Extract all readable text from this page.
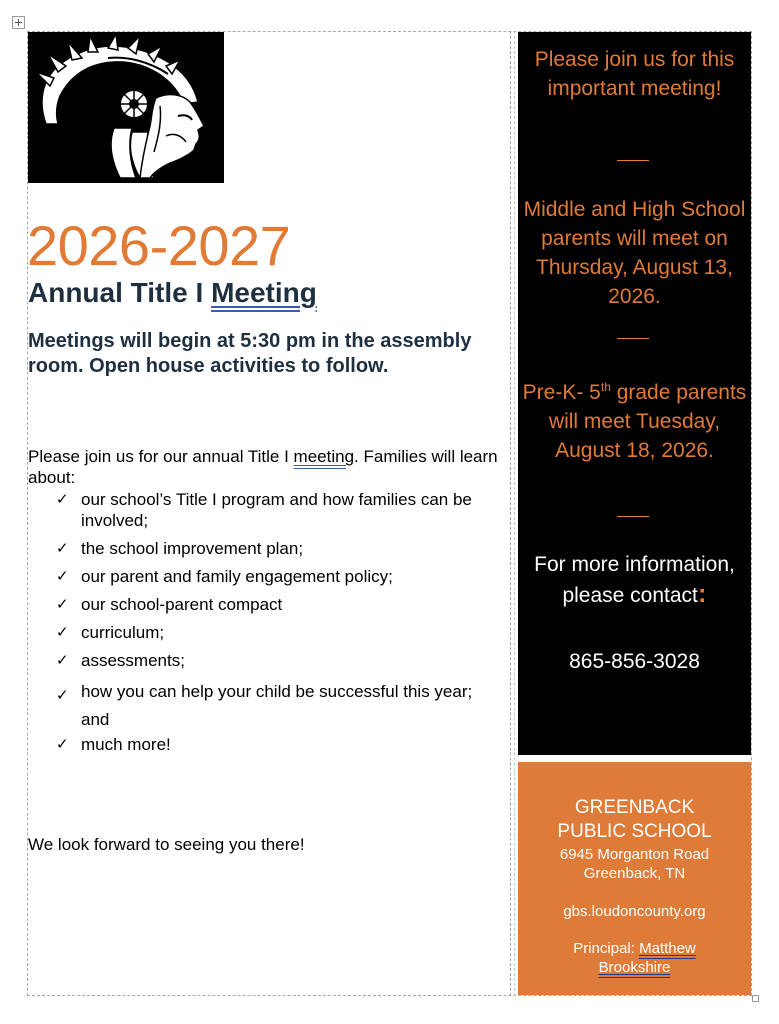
2026-2027
Annual Title I Meeting
Meetings will begin at 5:30 pm in the assembly room. Open house activities to follow.
Please join us for our annual Title I meeting. Families will learn about:
✓ our school’s Title I program and how families can be involved;
✓ the school improvement plan;
✓ our parent and family engagement policy;
✓ our school-parent compact
✓ curriculum;
✓ assessments;
✓ how you can help your child be successful this year; and
✓ much more!
We look forward to seeing you there!
Please join us for this important meeting!
Middle and High School parents will meet on Thursday, August 13, 2026.
Pre-K- 5th grade parents will meet Tuesday, August 18, 2026.
For more information, please contact:
865-856-3028
GREENBACK
PUBLIC SCHOOL
6945 Morganton Road
Greenback, TN
gbs.loudoncounty.org
Principal: Matthew
Brookshire
